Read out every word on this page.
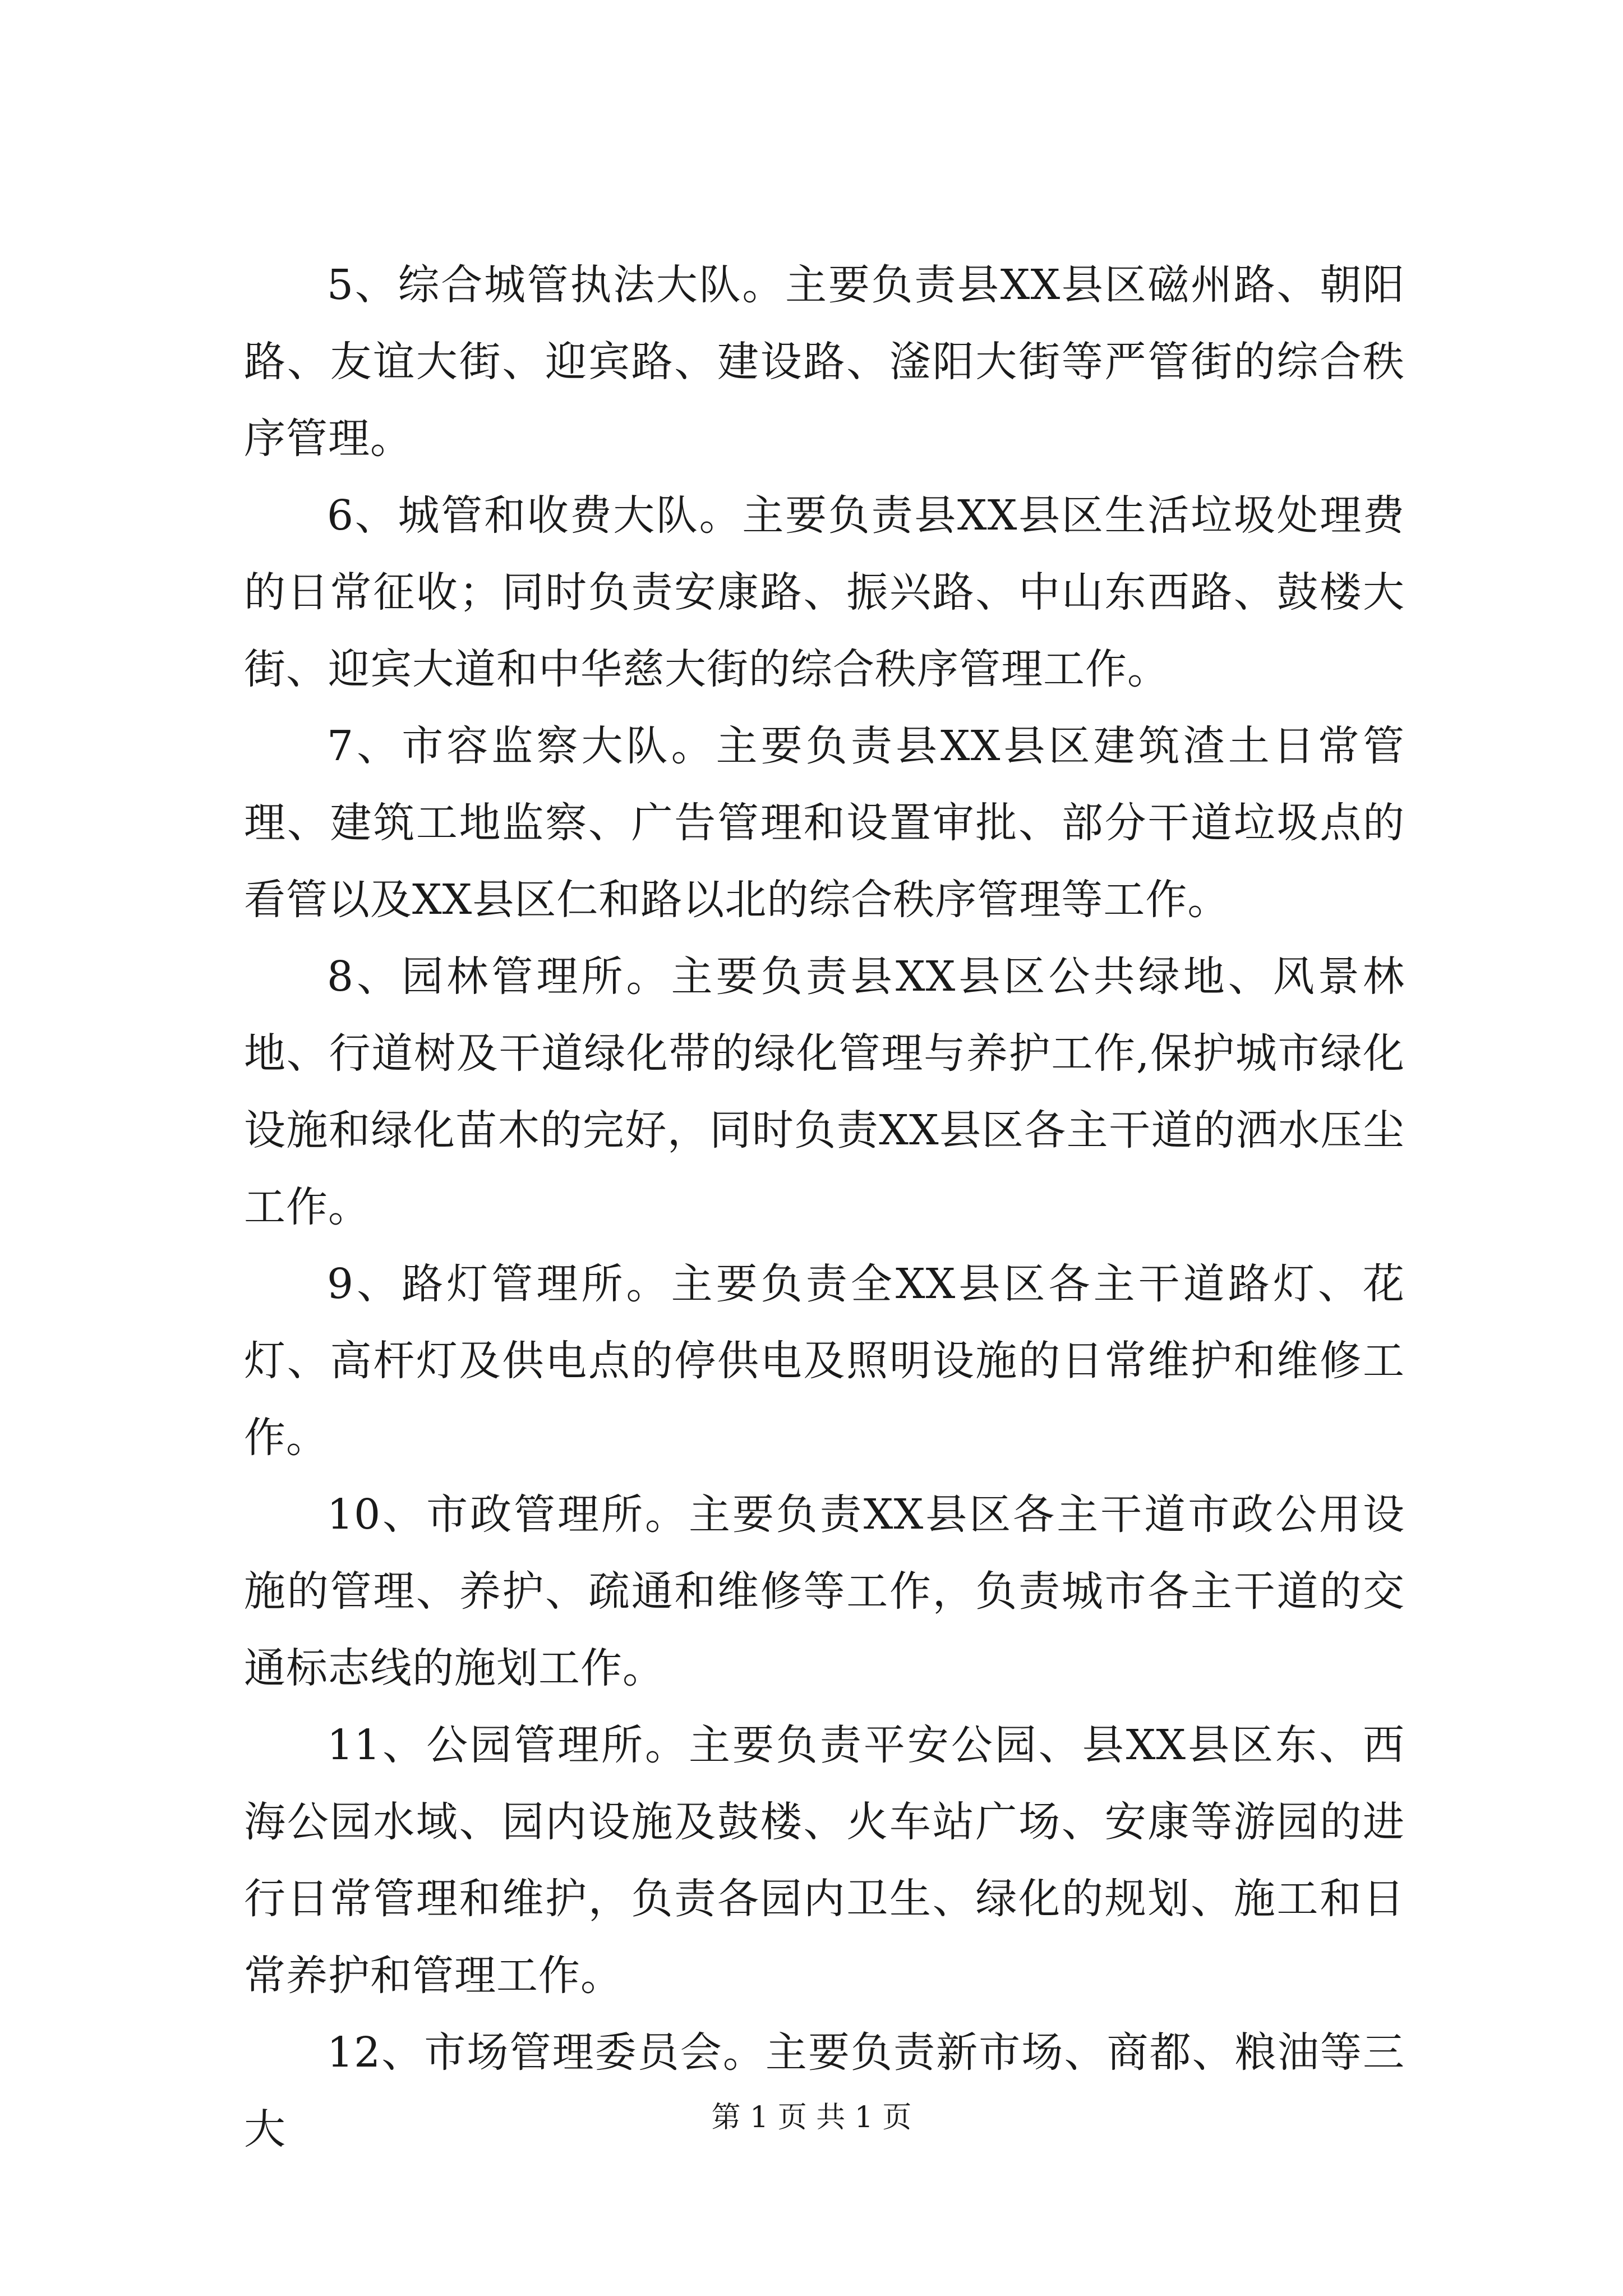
5、综合城管执法大队。主要负责县XX县区磁州路、朝阳路、友谊大街、迎宾路、建设路、滏阳大街等严管街的综合秩序管理。

6、城管和收费大队。主要负责县XX县区生活垃圾处理费的日常征收；同时负责安康路、振兴路、中山东西路、鼓楼大街、迎宾大道和中华慈大街的综合秩序管理工作。

7、市容监察大队。主要负责县XX县区建筑渣土日常管理、建筑工地监察、广告管理和设置审批、部分干道垃圾点的看管以及XX县区仁和路以北的综合秩序管理等工作。

8、园林管理所。主要负责县XX县区公共绿地、风景林地、行道树及干道绿化带的绿化管理与养护工作,保护城市绿化设施和绿化苗木的完好，同时负责XX县区各主干道的洒水压尘工作。

9、路灯管理所。主要负责全XX县区各主干道路灯、花灯、高杆灯及供电点的停供电及照明设施的日常维护和维修工作。

10、市政管理所。主要负责XX县区各主干道市政公用设施的管理、养护、疏通和维修等工作，负责城市各主干道的交通标志线的施划工作。

11、公园管理所。主要负责平安公园、县XX县区东、西海公园水域、园内设施及鼓楼、火车站广场、安康等游园的进行日常管理和维护，负责各园内卫生、绿化的规划、施工和日常养护和管理工作。

12、市场管理委员会。主要负责新市场、商都、粮油等三大	第 1 页 共 1 页
